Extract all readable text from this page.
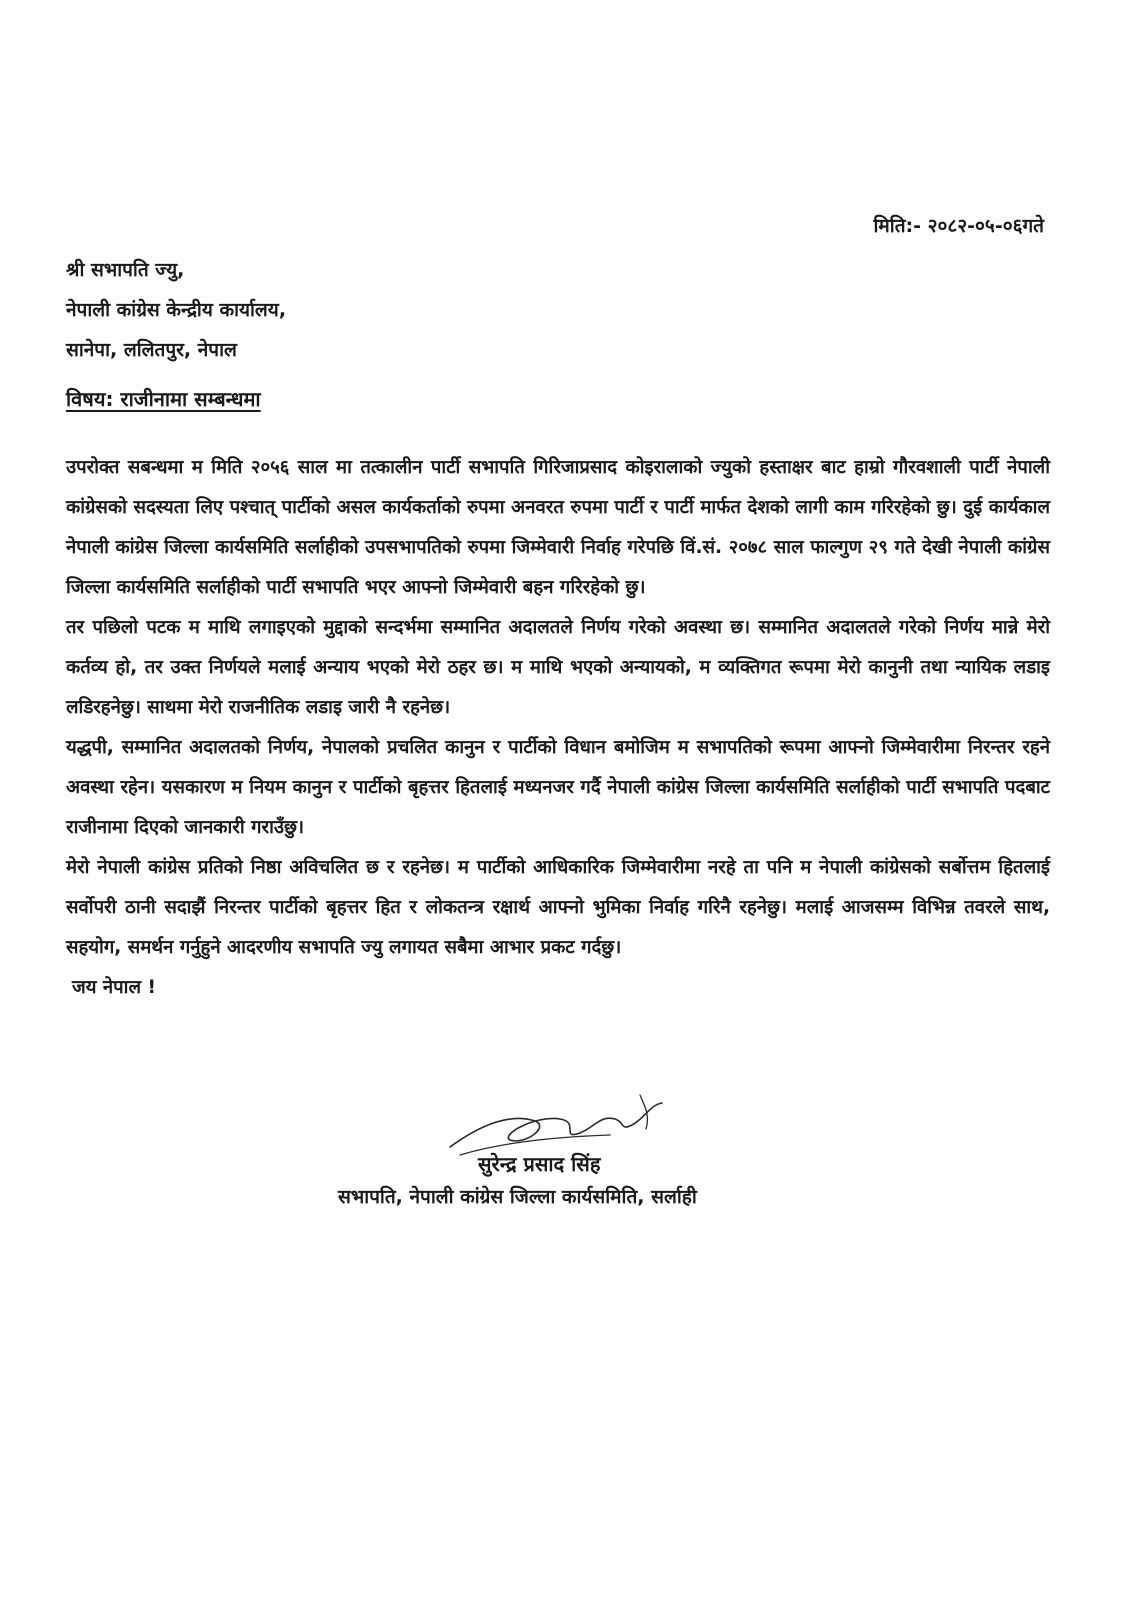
मिति:- २०८२-०५-०६गते
श्री सभापति ज्यु,
नेपाली कांग्रेस केन्द्रीय कार्यालय,
सानेपा, ललितपुर, नेपाल
विषय: राजीनामा सम्बन्धमा

उपरोक्त सबन्धमा म मिति २०५६ साल मा तत्कालीन पार्टी सभापति गिरिजाप्रसाद कोइरालाको ज्युको हस्ताक्षर बाट हाम्रो गौरवशाली पार्टी नेपाली कांग्रेसको सदस्यता लिए पश्चात् पार्टीको असल कार्यकर्ताको रुपमा अनवरत रुपमा पार्टी र पार्टी मार्फत देशको लागी काम गरिरहेको छु। दुई कार्यकाल नेपाली कांग्रेस जिल्ला कार्यसमिति सर्लाहीको उपसभापतिको रुपमा जिम्मेवारी निर्वाह गरेपछि विं.सं. २०७८ साल फाल्गुण २९ गते देखी नेपाली कांग्रेस जिल्ला कार्यसमिति सर्लाहीको पार्टी सभापति भएर आफ्नो जिम्मेवारी बहन गरिरहेको छु।

तर पछिलो पटक म माथि लगाइएको मुद्दाको सन्दर्भमा सम्मानित अदालतले निर्णय गरेको अवस्था छ। सम्मानित अदालतले गरेको निर्णय मान्ने मेरो कर्तव्य हो, तर उक्त निर्णयले मलाई अन्याय भएको मेरो ठहर छ। म माथि भएको अन्यायको, म व्यक्तिगत रूपमा मेरो कानुनी तथा न्यायिक लडाइ लडिरहनेछु। साथमा मेरो राजनीतिक लडाइ जारी नै रहनेछ।

यद्धपी, सम्मानित अदालतको निर्णय, नेपालको प्रचलित कानुन र पार्टीको विधान बमोजिम म सभापतिको रूपमा आफ्नो जिम्मेवारीमा निरन्तर रहने अवस्था रहेन। यसकारण म नियम कानुन र पार्टीको बृहत्तर हितलाई मध्यनजर गर्दै नेपाली कांग्रेस जिल्ला कार्यसमिति सर्लाहीको पार्टी सभापति पदबाट राजीनामा दिएको जानकारी गराउँछु।

मेरो नेपाली कांग्रेस प्रतिको निष्ठा अविचलित छ र रहनेछ। म पार्टीको आधिकारिक जिम्मेवारीमा नरहे ता पनि म नेपाली कांग्रेसको सर्बोत्तम हितलाई सर्वोपरी ठानी सदाझैं निरन्तर पार्टीको बृहत्तर हित र लोकतन्त्र रक्षार्थ आफ्नो भुमिका निर्वाह गरिनै रहनेछु। मलाई आजसम्म विभिन्न तवरले साथ, सहयोग, समर्थन गर्नुहुने आदरणीय सभापति ज्यु लगायत सबैमा आभार प्रकट गर्दछु।

जय नेपाल !
सुरेन्द्र प्रसाद सिंह
सभापति, नेपाली कांग्रेस जिल्ला कार्यसमिति, सर्लाही
